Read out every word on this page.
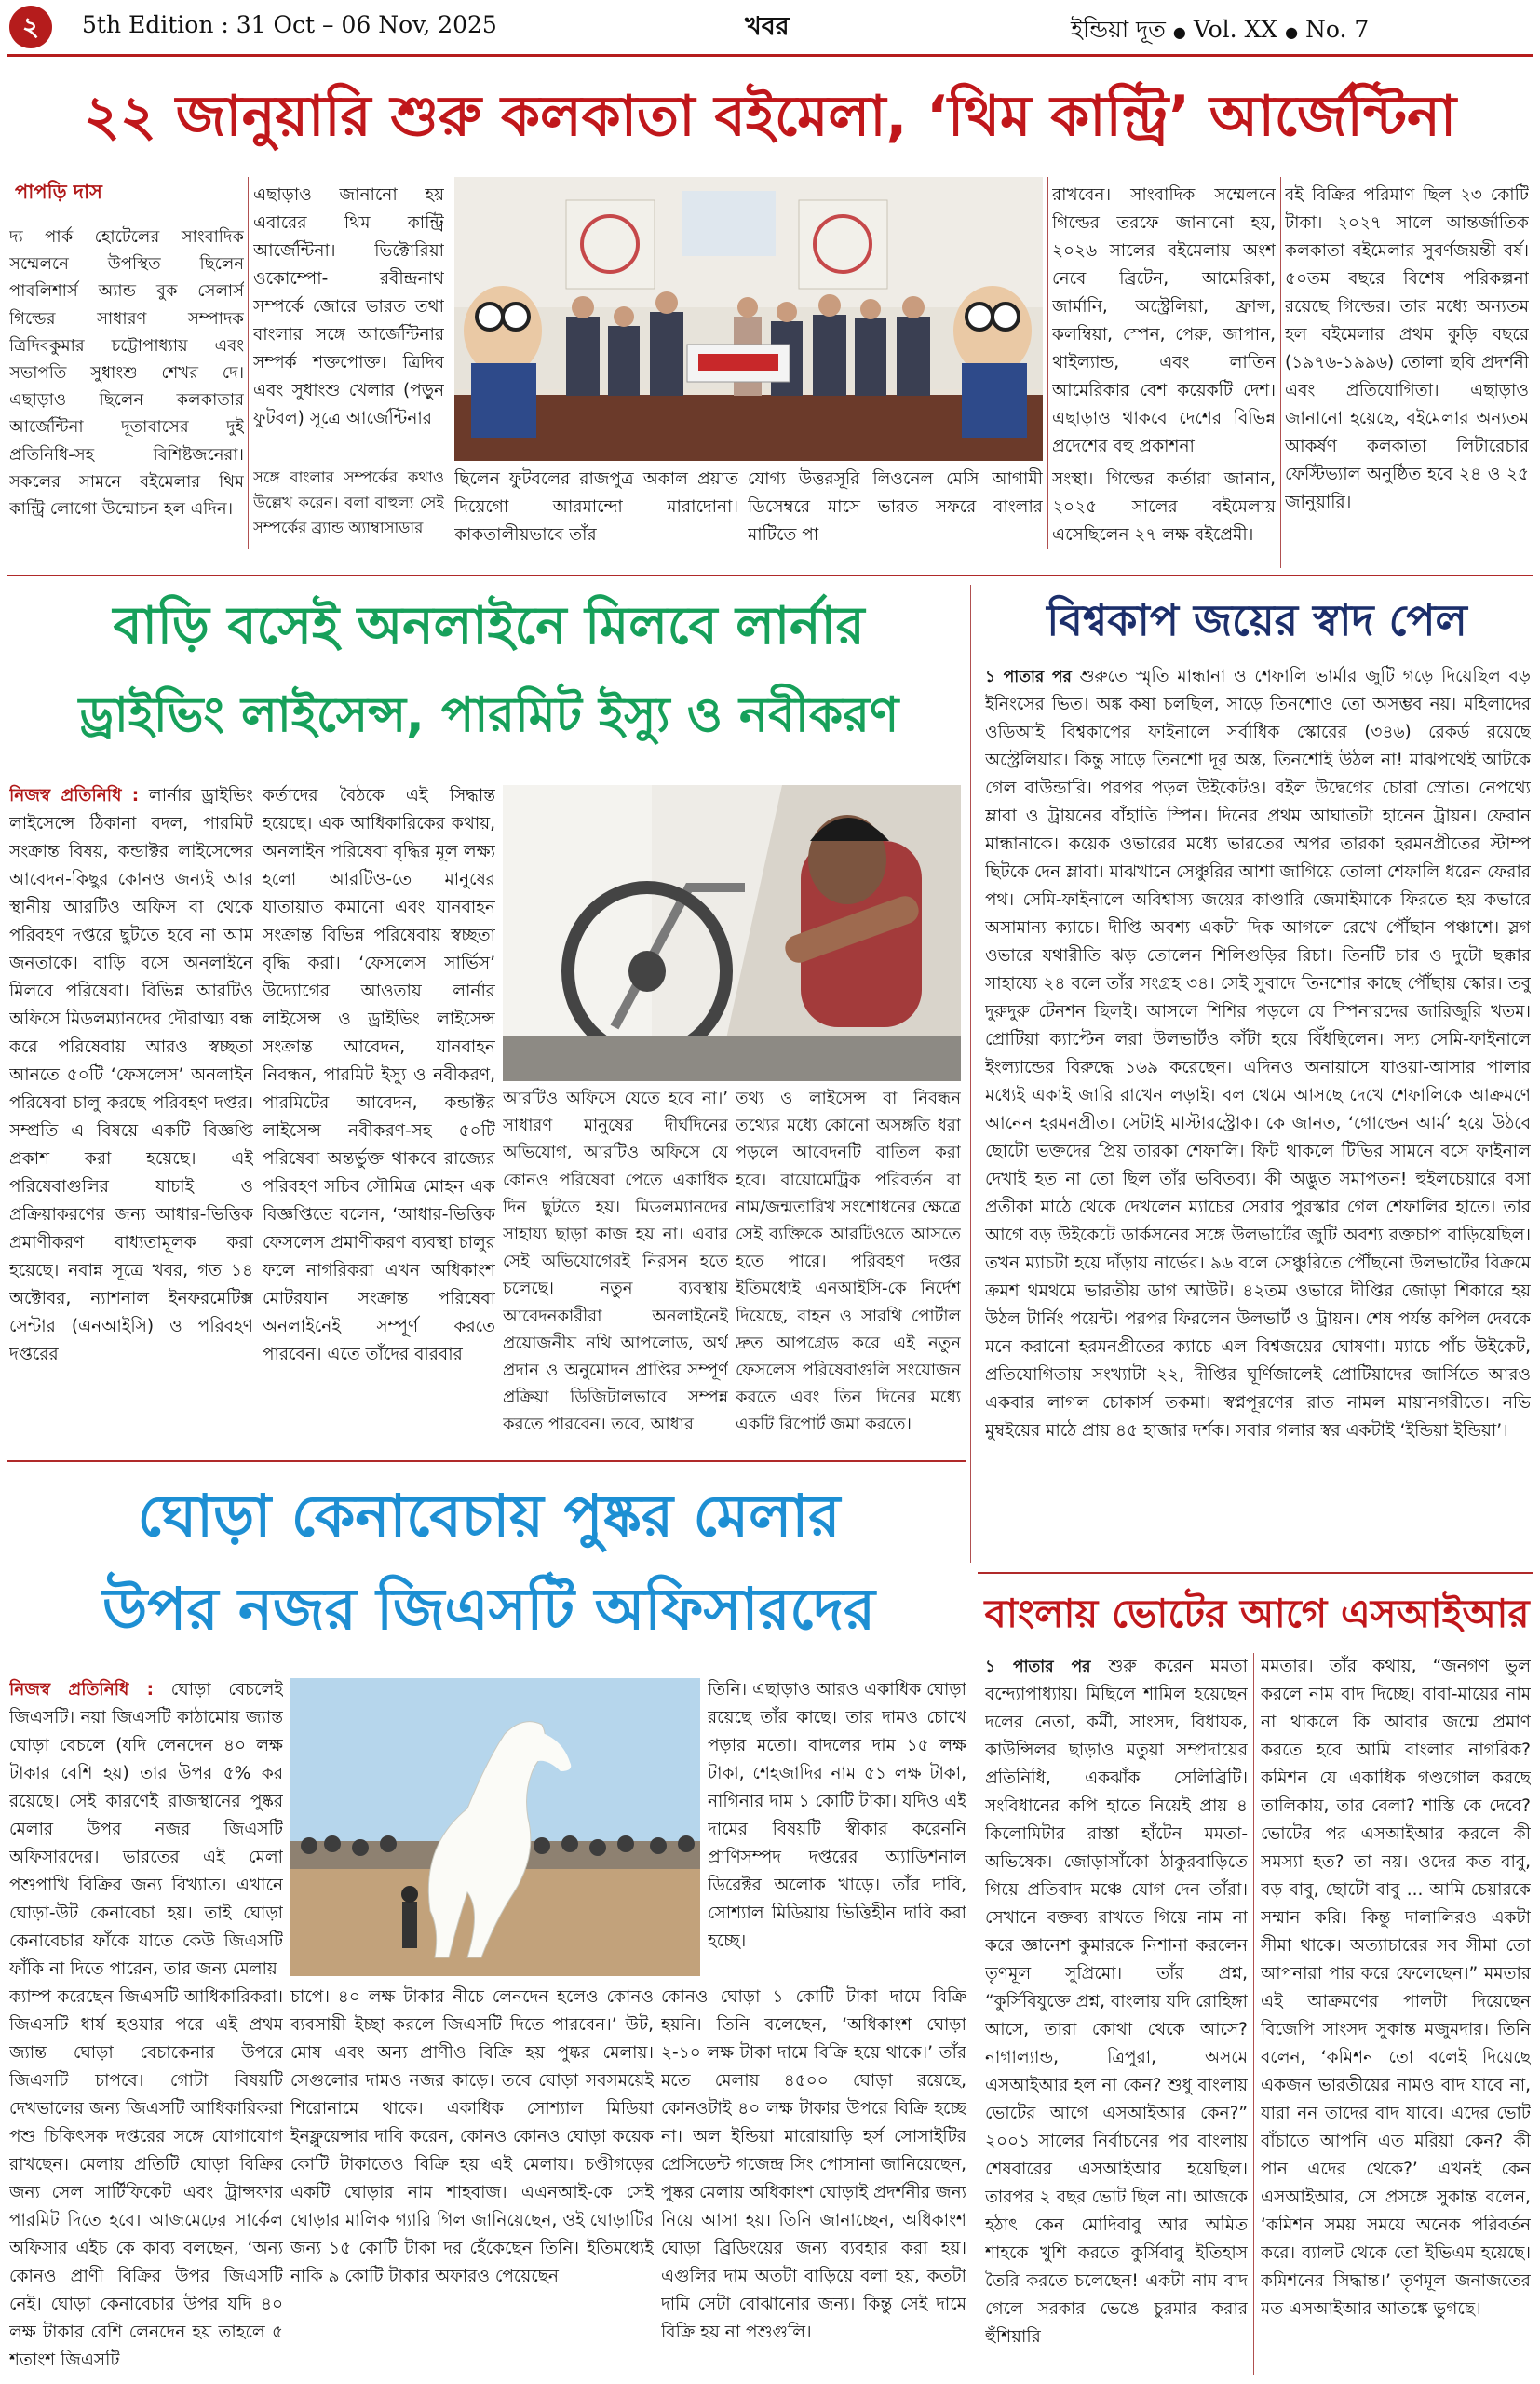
২	5th Edition : 31 Oct – 06 Nov, 2025	খবর	ইন্ডিয়া দূত ● Vol. XX ● No. 7
২২ জানুয়ারি শুরু কলকাতা বইমেলা, ‘থিম কান্ট্রি’ আর্জেন্টিনা
পাপড়ি দাস
দ্য পার্ক হোটেলের সাংবাদিক সম্মেলনে উপস্থিত ছিলেন পাবলিশার্স অ্যান্ড বুক সেলার্স গিল্ডের সাধারণ সম্পাদক ত্রিদিবকুমার চট্টোপাধ্যায় এবং সভাপতি সুধাংশু শেখর দে। এছাড়াও ছিলেন কলকাতার আর্জেন্টিনা দূতাবাসের দুই প্রতিনিধি-সহ বিশিষ্টজনেরা। সকলের সামনে বইমেলার থিম কান্ট্রি লোগো উন্মোচন হল এদিন।
এছাড়াও জানানো হয় এবারের থিম কান্ট্রি আর্জেন্টিনা। ভিক্টোরিয়া ওকোম্পো- রবীন্দ্রনাথ সম্পর্কে জোরে ভারত তথা বাংলার সঙ্গে আর্জেন্টিনার সম্পর্ক শক্তপোক্ত। ত্রিদিব এবং সুধাংশু খেলার (পড়ুন ফুটবল) সূত্রে আর্জেন্টিনার
রাখবেন। সাংবাদিক সম্মেলনে গিল্ডের তরফে জানানো হয়, ২০২৬ সালের বইমেলায় অংশ নেবে ব্রিটেন, আমেরিকা, জার্মানি, অস্ট্রেলিয়া, ফ্রান্স, কলম্বিয়া, স্পেন, পেরু, জাপান, থাইল্যান্ড, এবং লাতিন আমেরিকার বেশ কয়েকটি দেশ। এছাড়াও থাকবে দেশের বিভিন্ন প্রদেশের বহু প্রকাশনা
বই বিক্রির পরিমাণ ছিল ২৩ কোটি টাকা। ২০২৭ সালে আন্তর্জাতিক কলকাতা বইমেলার সুবর্ণজয়ন্তী বর্ষ। ৫০তম বছরে বিশেষ পরিকল্পনা রয়েছে গিল্ডের। তার মধ্যে অন্যতম হল বইমেলার প্রথম কুড়ি বছরে (১৯৭৬-১৯৯৬) তোলা ছবি প্রদর্শনী এবং প্রতিযোগিতা। এছাড়াও জানানো হয়েছে, বইমেলার অন্যতম আকর্ষণ কলকাতা লিটারেচার ফেস্টিভ্যাল অনুষ্ঠিত হবে ২৪ ও ২৫ জানুয়ারি।
সঙ্গে বাংলার সম্পর্কের কথাও উল্লেখ করেন। বলা বাহুল্য সেই সম্পর্কের ব্র্যান্ড অ্যাম্বাসাডার
ছিলেন ফুটবলের রাজপুত্র অকাল প্রয়াত দিয়েগো আরমান্দো মারাদোনা। কাকতালীয়ভাবে তাঁর
যোগ্য উত্তরসূরি লিওনেল মেসি আগামী ডিসেম্বরে মাসে ভারত সফরে বাংলার মাটিতে পা
সংস্থা। গিল্ডের কর্তারা জানান, ২০২৫ সালের বইমেলায় এসেছিলেন ২৭ লক্ষ বইপ্রেমী।
বাড়ি বসেই অনলাইনে মিলবে লার্নার
ড্রাইভিং লাইসেন্স, পারমিট ইস্যু ও নবীকরণ
নিজস্ব প্রতিনিধি : লার্নার ড্রাইভিং লাইসেন্সে ঠিকানা বদল, পারমিট সংক্রান্ত বিষয়, কন্ডাক্টর লাইসেন্সের আবেদন-কিছুর কোনও জন্যই আর স্থানীয় আরটিও অফিস বা থেকে পরিবহণ দপ্তরে ছুটতে হবে না আম জনতাকে। বাড়ি বসে অনলাইনে মিলবে পরিষেবা। বিভিন্ন আরটিও অফিসে মিডলম্যানদের দৌরাত্ম্য বন্ধ করে পরিষেবায় আরও স্বচ্ছতা আনতে ৫০টি ‘ফেসলেস’ অনলাইন পরিষেবা চালু করছে পরিবহণ দপ্তর। সম্প্রতি এ বিষয়ে একটি বিজ্ঞপ্তি প্রকাশ করা হয়েছে। এই পরিষেবাগুলির যাচাই ও প্রক্রিয়াকরণের জন্য আধার-ভিত্তিক প্রমাণীকরণ বাধ্যতামূলক করা হয়েছে। নবান্ন সূত্রে খবর, গত ১৪ অক্টোবর, ন্যাশনাল ইনফরমেটিক্স সেন্টার (এনআইসি) ও পরিবহণ দপ্তরের
কর্তাদের বৈঠকে এই সিদ্ধান্ত হয়েছে। এক আধিকারিকের কথায়, অনলাইন পরিষেবা বৃদ্ধির মূল লক্ষ্য হলো আরটিও-তে মানুষের যাতায়াত কমানো এবং যানবাহন সংক্রান্ত বিভিন্ন পরিষেবায় স্বচ্ছতা বৃদ্ধি করা। ‘ফেসলেস সার্ভিস’ উদ্যোগের আওতায় লার্নার লাইসেন্স ও ড্রাইভিং লাইসেন্স সংক্রান্ত আবেদন, যানবাহন নিবন্ধন, পারমিট ইস্যু ও নবীকরণ, পারমিটের আবেদন, কন্ডাক্টর লাইসেন্স নবীকরণ-সহ ৫০টি পরিষেবা অন্তর্ভুক্ত থাকবে রাজ্যের পরিবহণ সচিব সৌমিত্র মোহন এক বিজ্ঞপ্তিতে বলেন, ‘আধার-ভিত্তিক ফেসলেস প্রমাণীকরণ ব্যবস্থা চালুর ফলে নাগরিকরা এখন অধিকাংশ মোটরযান সংক্রান্ত পরিষেবা অনলাইনেই সম্পূর্ণ করতে পারবেন। এতে তাঁদের বারবার
আরটিও অফিসে যেতে হবে না।’ সাধারণ মানুষের দীর্ঘদিনের অভিযোগ, আরটিও অফিসে যে কোনও পরিষেবা পেতে একাধিক দিন ছুটতে হয়। মিডলম্যানদের সাহায্য ছাড়া কাজ হয় না। এবার সেই অভিযোগেরই নিরসন হতে চলেছে। নতুন ব্যবস্থায় আবেদনকারীরা অনলাইনেই প্রয়োজনীয় নথি আপলোড, অর্থ প্রদান ও অনুমোদন প্রাপ্তির সম্পূর্ণ প্রক্রিয়া ডিজিটালভাবে সম্পন্ন করতে পারবেন। তবে, আধার
তথ্য ও লাইসেন্স বা নিবন্ধন তথ্যের মধ্যে কোনো অসঙ্গতি ধরা পড়লে আবেদনটি বাতিল করা হবে। বায়োমেট্রিক পরিবর্তন বা নাম/জন্মতারিখ সংশোধনের ক্ষেত্রে সেই ব্যক্তিকে আরটিওতে আসতে হতে পারে। পরিবহণ দপ্তর ইতিমধ্যেই এনআইসি-কে নির্দেশ দিয়েছে, বাহন ও সারথি পোর্টাল দ্রুত আপগ্রেড করে এই নতুন ফেসলেস পরিষেবাগুলি সংযোজন করতে এবং তিন দিনের মধ্যে একটি রিপোর্ট জমা করতে।
বিশ্বকাপ জয়ের স্বাদ পেল
১ পাতার পর শুরুতে স্মৃতি মান্ধানা ও শেফালি ভার্মার জুটি গড়ে দিয়েছিল বড় ইনিংসের ভিত। অঙ্ক কষা চলছিল, সাড়ে তিনশোও তো অসম্ভব নয়। মহিলাদের ওডিআই বিশ্বকাপের ফাইনালে সর্বাধিক স্কোরের (৩৪৬) রেকর্ড রয়েছে অস্ট্রেলিয়ার। কিন্তু সাড়ে তিনশো দূর অস্ত, তিনশোই উঠল না! মাঝপথেই আটকে গেল বাউন্ডারি। পরপর পড়ল উইকেটও। বইল উদ্বেগের চোরা স্রোত। নেপথ্যে ম্লাবা ও ট্রায়নের বাঁহাতি স্পিন। দিনের প্রথম আঘাতটা হানেন ট্রায়ন। ফেরান মান্ধানাকে। কয়েক ওভারের মধ্যে ভারতের অপর তারকা হরমনপ্রীতের স্টাম্প ছিটকে দেন ম্লাবা। মাঝখানে সেঞ্চুরির আশা জাগিয়ে তোলা শেফালি ধরেন ফেরার পথ। সেমি-ফাইনালে অবিশ্বাস্য জয়ের কাণ্ডারি জেমাইমাকে ফিরতে হয় কভারে অসামান্য ক্যাচে। দীপ্তি অবশ্য একটা দিক আগলে রেখে পৌঁছান পঞ্চাশে। স্লগ ওভারে যথারীতি ঝড় তোলেন শিলিগুড়ির রিচা। তিনটি চার ও দুটো ছক্কার সাহায্যে ২৪ বলে তাঁর সংগ্রহ ৩৪। সেই সুবাদে তিনশোর কাছে পৌঁছায় স্কোর। তবু দুরুদুরু টেনশন ছিলই। আসলে শিশির পড়লে যে স্পিনারদের জারিজুরি খতম। প্রোটিয়া ক্যাপ্টেন লরা উলভার্টও কাঁটা হয়ে বিঁধছিলেন। সদ্য সেমি-ফাইনালে ইংল্যান্ডের বিরুদ্ধে ১৬৯ করেছেন। এদিনও অনায়াসে যাওয়া-আসার পালার মধ্যেই একাই জারি রাখেন লড়াই। বল থেমে আসছে দেখে শেফালিকে আক্রমণে আনেন হরমনপ্রীত। সেটাই মাস্টারস্ট্রোক। কে জানত, ‘গোল্ডেন আর্ম’ হয়ে উঠবে ছোটো ভক্তদের প্রিয় তারকা শেফালি। ফিট থাকলে টিভির সামনে বসে ফাইনাল দেখাই হত না তো ছিল তাঁর ভবিতব্য। কী অদ্ভুত সমাপতন! হুইলচেয়ারে বসা প্রতীকা মাঠে থেকে দেখলেন ম্যাচের সেরার পুরস্কার গেল শেফালির হাতে। তার আগে বড় উইকেটে ডার্কসনের সঙ্গে উলভার্টের জুটি অবশ্য রক্তচাপ বাড়িয়েছিল। তখন ম্যাচটা হয়ে দাঁড়ায় নার্ভের। ৯৬ বলে সেঞ্চুরিতে পৌঁছনো উলভার্টের বিক্রমে ক্রমশ থমথমে ভারতীয় ডাগ আউট। ৪২তম ওভারে দীপ্তির জোড়া শিকারে হয় উঠল টার্নিং পয়েন্ট। পরপর ফিরলেন উলভার্ট ও ট্রায়ন। শেষ পর্যন্ত কপিল দেবকে মনে করানো হরমনপ্রীতের ক্যাচে এল বিশ্বজয়ের ঘোষণা। ম্যাচে পাঁচ উইকেট, প্রতিযোগিতায় সংখ্যাটা ২২, দীপ্তির ঘূর্ণিজালেই প্রোটিয়াদের জার্সিতে আরও একবার লাগল চোকার্স তকমা। স্বপ্নপূরণের রাত নামল মায়ানগরীতে। নভি মুম্বইয়ের মাঠে প্রায় ৪৫ হাজার দর্শক। সবার গলার স্বর একটাই ‘ইন্ডিয়া ইন্ডিয়া’।
ঘোড়া কেনাবেচায় পুষ্কর মেলার
উপর নজর জিএসটি অফিসারদের
নিজস্ব প্রতিনিধি : ঘোড়া বেচলেই জিএসটি। নয়া জিএসটি কাঠামোয় জ্যান্ত ঘোড়া বেচলে (যদি লেনদেন ৪০ লক্ষ টাকার বেশি হয়) তার উপর ৫% কর রয়েছে। সেই কারণেই রাজস্থানের পুষ্কর মেলার উপর নজর জিএসটি অফিসারদের। ভারতের এই মেলা পশুপাখি বিক্রির জন্য বিখ্যাত। এখানে ঘোড়া-উট কেনাবেচা হয়। তাই ঘোড়া কেনাবেচার ফাঁকে যাতে কেউ জিএসটি ফাঁকি না দিতে পারেন, তার জন্য মেলায়
ক্যাম্প করেছেন জিএসটি আধিকারিকরা। জিএসটি ধার্য হওয়ার পরে এই প্রথম জ্যান্ত ঘোড়া বেচাকেনার উপরে জিএসটি চাপবে। গোটা বিষয়টি দেখভালের জন্য জিএসটি আধিকারিকরা পশু চিকিৎসক দপ্তরের সঙ্গে যোগাযোগ রাখছেন। মেলায় প্রতিটি ঘোড়া বিক্রির জন্য সেল সার্টিফিকেট এবং ট্রান্সফার পারমিট দিতে হবে। আজমেঢ়ের সার্কেল অফিসার এইচ কে কাব্য বলছেন, ‘অন্য কোনও প্রাণী বিক্রির উপর জিএসটি নেই। ঘোড়া কেনাবেচার উপর যদি ৪০ লক্ষ টাকার বেশি লেনদেন হয় তাহলে ৫ শতাংশ জিএসটি
চাপে। ৪০ লক্ষ টাকার নীচে লেনদেন হলেও কোনও ব্যবসায়ী ইচ্ছা করলে জিএসটি দিতে পারবেন।’ উট, মোষ এবং অন্য প্রাণীও বিক্রি হয় পুষ্কর মেলায়। সেগুলোর দামও নজর কাড়ে। তবে ঘোড়া সবসময়েই শিরোনামে থাকে। একাধিক সোশ্যাল মিডিয়া ইনফ্লুয়েন্সার দাবি করেন, কোনও কোনও ঘোড়া কয়েক কোটি টাকাতেও বিক্রি হয় এই মেলায়। চণ্ডীগড়ের একটি ঘোড়ার নাম শাহবাজ। এএনআই-কে সেই ঘোড়ার মালিক গ্যারি গিল জানিয়েছেন, ওই ঘোড়াটির জন্য ১৫ কোটি টাকা দর হেঁকেছেন তিনি। ইতিমধ্যেই নাকি ৯ কোটি টাকার অফারও পেয়েছেন
তিনি। এছাড়াও আরও একাধিক ঘোড়া রয়েছে তাঁর কাছে। তার দামও চোখে পড়ার মতো। বাদলের দাম ১৫ লক্ষ টাকা, শেহজাদির নাম ৫১ লক্ষ টাকা, নাগিনার দাম ১ কোটি টাকা। যদিও এই দামের বিষয়টি স্বীকার করেননি প্রাণিসম্পদ দপ্তরের অ্যাডিশনাল ডিরেক্টর অলোক খাড়ে। তাঁর দাবি, সোশ্যাল মিডিয়ায় ভিত্তিহীন দাবি করা হচ্ছে।
কোনও ঘোড়া ১ কোটি টাকা দামে বিক্রি হয়নি। তিনি বলেছেন, ‘অধিকাংশ ঘোড়া ২-১০ লক্ষ টাকা দামে বিক্রি হয়ে থাকে।’ তাঁর মতে মেলায় ৪৫০০ ঘোড়া রয়েছে, কোনওটাই ৪০ লক্ষ টাকার উপরে বিক্রি হচ্ছে না। অল ইন্ডিয়া মারোয়াড়ি হর্স সোসাইটির প্রেসিডেন্ট গজেন্দ্র সিং পোসানা জানিয়েছেন, পুষ্কর মেলায় অধিকাংশ ঘোড়াই প্রদর্শনীর জন্য নিয়ে আসা হয়। তিনি জানাচ্ছেন, অধিকাংশ ঘোড়া ব্রিডিংয়ের জন্য ব্যবহার করা হয়। এগুলির দাম অতটা বাড়িয়ে বলা হয়, কতটা দামি সেটা বোঝানোর জন্য। কিন্তু সেই দামে বিক্রি হয় না পশুগুলি।
বাংলায় ভোটের আগে এসআইআর
১ পাতার পর শুরু করেন মমতা বন্দ্যোপাধ্যায়। মিছিলে শামিল হয়েছেন দলের নেতা, কর্মী, সাংসদ, বিধায়ক, কাউন্সিলর ছাড়াও মতুয়া সম্প্রদায়ের প্রতিনিধি, একঝাঁক সেলিব্রিটি। সংবিধানের কপি হাতে নিয়েই প্রায় ৪ কিলোমিটার রাস্তা হাঁটেন মমতা-অভিষেক। জোড়াসাঁকো ঠাকুরবাড়িতে গিয়ে প্রতিবাদ মঞ্চে যোগ দেন তাঁরা। সেখানে বক্তব্য রাখতে গিয়ে নাম না করে জ্ঞানেশ কুমারকে নিশানা করলেন তৃণমূল সুপ্রিমো। তাঁর প্রশ্ন, “কুর্সিবিযুক্তে প্রশ্ন, বাংলায় যদি রোহিঙ্গা আসে, তারা কোথা থেকে আসে? নাগাল্যান্ড, ত্রিপুরা, অসমে এসআইআর হল না কেন? শুধু বাংলায় ভোটের আগে এসআইআর কেন?” ২০০১ সালের নির্বাচনের পর বাংলায় শেষবারের এসআইআর হয়েছিল। তারপর ২ বছর ভোট ছিল না। আজকে হঠাৎ কেন মোদিবাবু আর অমিত শাহকে খুশি করতে কুর্সিবাবু ইতিহাস তৈরি করতে চলেছেন! একটা নাম বাদ গেলে সরকার ভেঙে চুরমার করার হুঁশিয়ারি
মমতার। তাঁর কথায়, “জনগণ ভুল করলে নাম বাদ দিচ্ছে। বাবা-মায়ের নাম না থাকলে কি আবার জন্মে প্রমাণ করতে হবে আমি বাংলার নাগরিক? কমিশন যে একাধিক গণ্ডগোল করছে তালিকায়, তার বেলা? শাস্তি কে দেবে? ভোটের পর এসআইআর করলে কী সমস্যা হত? তা নয়। ওদের কত বাবু, বড় বাবু, ছোটো বাবু ... আমি চেয়ারকে সম্মান করি। কিন্তু দালালিরও একটা সীমা থাকে। অত্যাচারের সব সীমা তো আপনারা পার করে ফেলেছেন।” মমতার এই আক্রমণের পালটা দিয়েছেন বিজেপি সাংসদ সুকান্ত মজুমদার। তিনি বলেন, ‘কমিশন তো বলেই দিয়েছে একজন ভারতীয়ের নামও বাদ যাবে না, যারা নন তাদের বাদ যাবে। এদের ভোট বাঁচাতে আপনি এত মরিয়া কেন? কী পান এদের থেকে?’ এখনই কেন এসআইআর, সে প্রসঙ্গে সুকান্ত বলেন, ‘কমিশন সময় সময়ে অনেক পরিবর্তন করে। ব্যালট থেকে তো ইভিএম হয়েছে। কমিশনের সিদ্ধান্ত।’ তৃণমূল জনাজতের মত এসআইআর আতঙ্কে ভুগছে।
